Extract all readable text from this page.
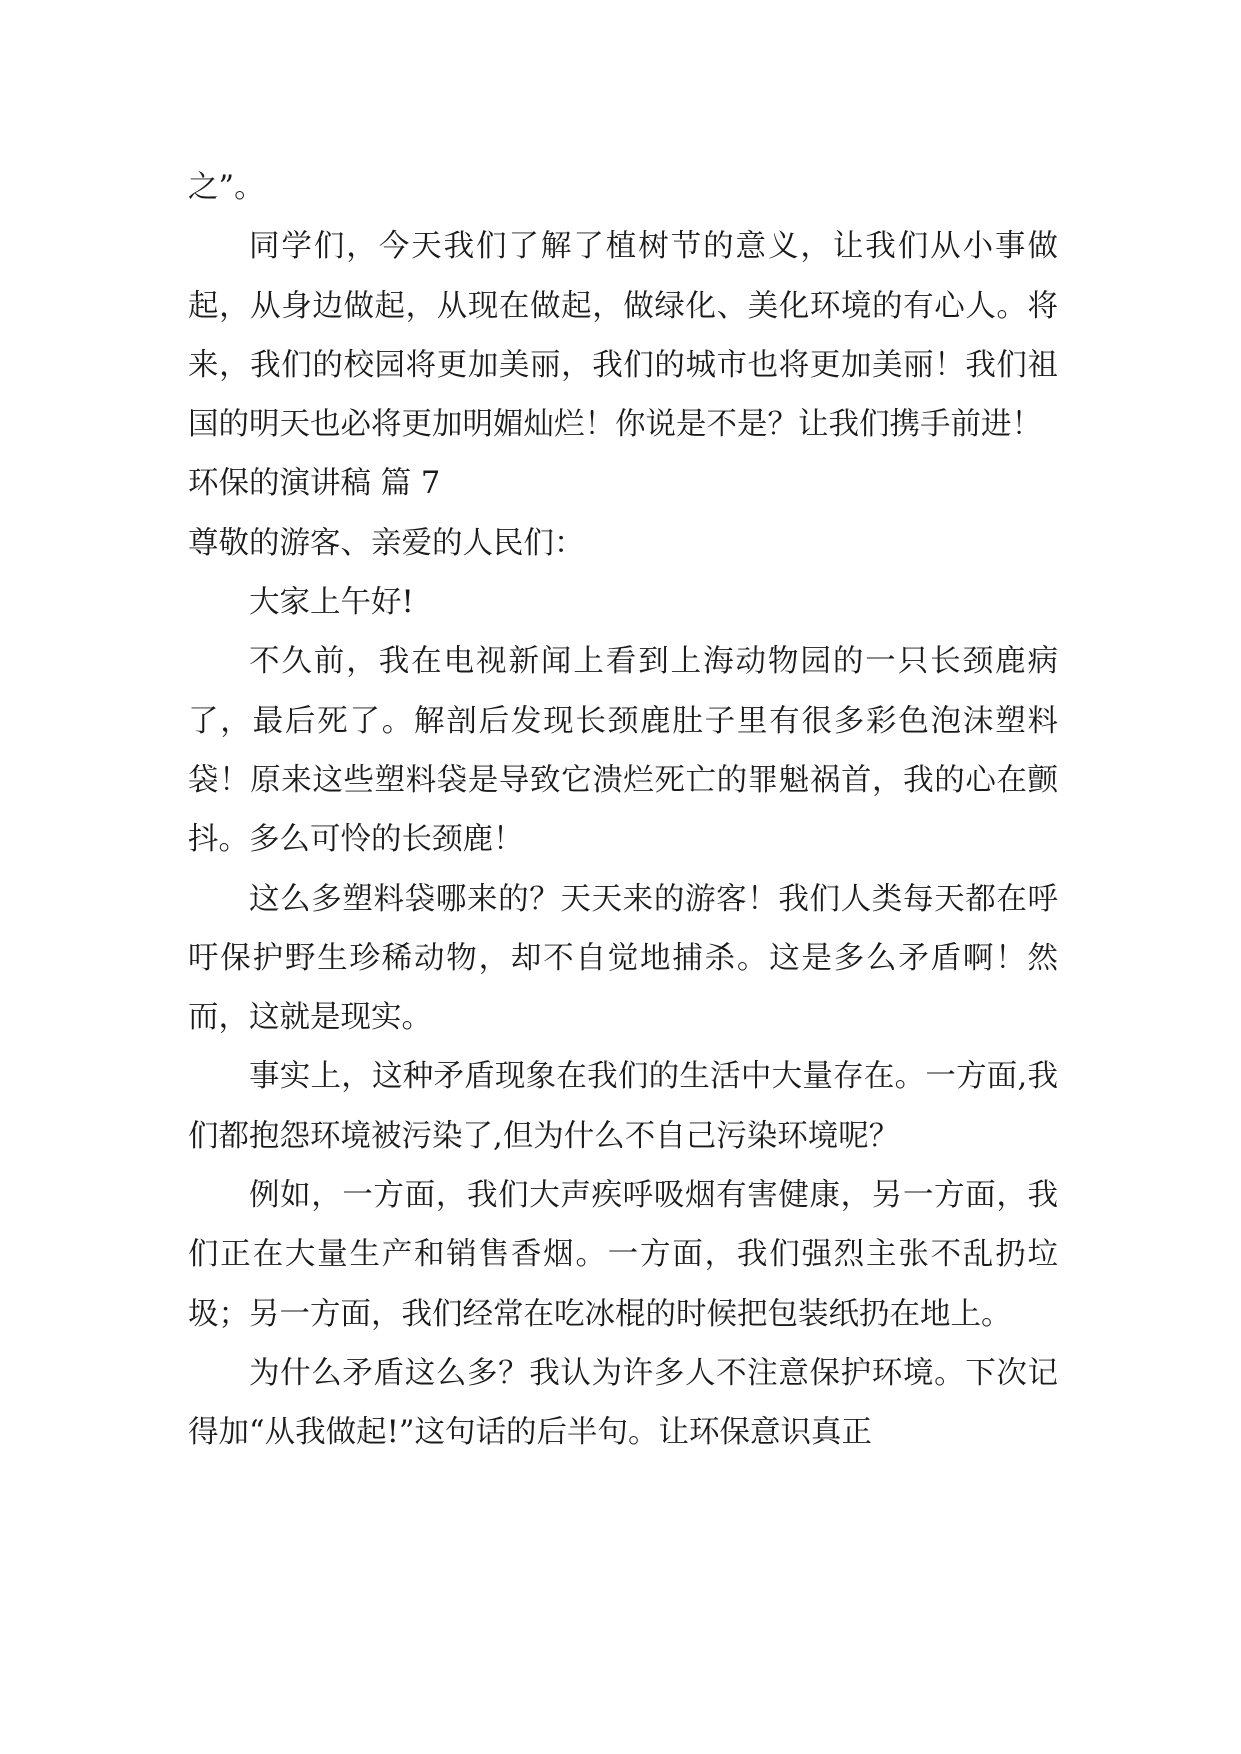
之”。

同学们，今天我们了解了植树节的意义，让我们从小事做起，从身边做起，从现在做起，做绿化、美化环境的有心人。将来，我们的校园将更加美丽，我们的城市也将更加美丽！我们祖国的明天也必将更加明媚灿烂！你说是不是？让我们携手前进！

环保的演讲稿 篇 7

尊敬的游客、亲爱的人民们：

大家上午好!

不久前，我在电视新闻上看到上海动物园的一只长颈鹿病了，最后死了。解剖后发现长颈鹿肚子里有很多彩色泡沫塑料袋！原来这些塑料袋是导致它溃烂死亡的罪魁祸首，我的心在颤抖。多么可怜的长颈鹿！

这么多塑料袋哪来的？天天来的游客！我们人类每天都在呼吁保护野生珍稀动物，却不自觉地捕杀。这是多么矛盾啊！然而，这就是现实。

事实上，这种矛盾现象在我们的生活中大量存在。一方面,我们都抱怨环境被污染了,但为什么不自己污染环境呢？

例如，一方面，我们大声疾呼吸烟有害健康，另一方面，我们正在大量生产和销售香烟。一方面，我们强烈主张不乱扔垃圾；另一方面，我们经常在吃冰棍的时候把包装纸扔在地上。

为什么矛盾这么多？我认为许多人不注意保护环境。下次记得加“从我做起!”这句话的后半句。让环保意识真正
